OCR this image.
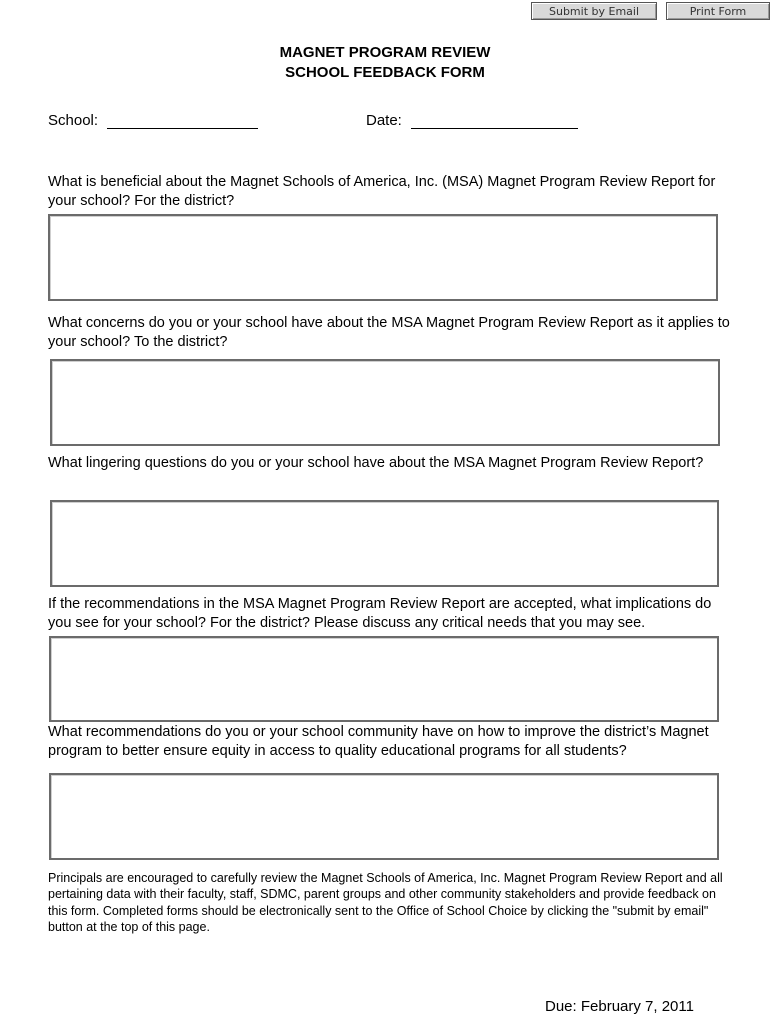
Submit by Email	Print Form
MAGNET PROGRAM REVIEW
SCHOOL FEEDBACK FORM
School:	Date:
What is beneficial about the Magnet Schools of America, Inc. (MSA) Magnet Program Review Report for your school? For the district?
What concerns do you or your school have about the MSA Magnet Program Review Report as it applies to your school? To the district?
What lingering questions do you or your school have about the MSA Magnet Program Review Report?
If the recommendations in the MSA Magnet Program Review Report are accepted, what implications do you see for your school? For the district? Please discuss any critical needs that you may see.
What recommendations do you or your school community have on how to improve the district’s Magnet program to better ensure equity in access to quality educational programs for all students?
Principals are encouraged to carefully review the Magnet Schools of America, Inc. Magnet Program Review Report and all pertaining data with their faculty, staff, SDMC, parent groups and other community stakeholders and provide feedback on this form. Completed forms should be electronically sent to the Office of School Choice by clicking the "submit by email" button at the top of this page.
Due: February 7, 2011
